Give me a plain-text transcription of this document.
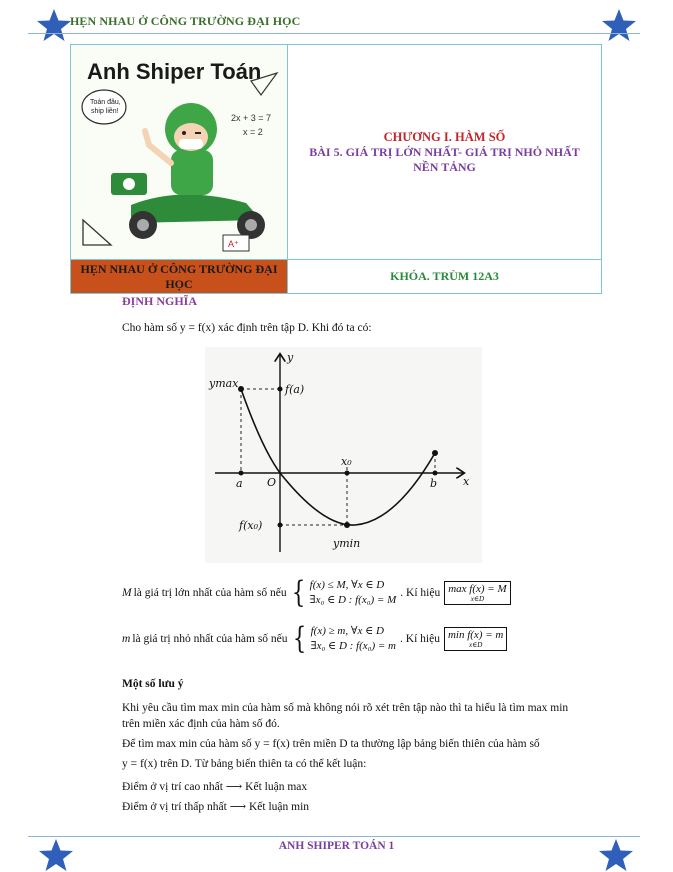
HẸN NHAU Ở CÔNG TRƯỜNG ĐẠI HỌC
Anh Shiper Toán
Toán đâu,
ship liền!
2x + 3 = 7
x = 2
A⁺
CHƯƠNG I. HÀM SỐ
BÀI 5. GIÁ TRỊ LỚN NHẤT- GIÁ TRỊ NHỎ NHẤT
NỀN TẢNG
HẸN NHAU Ở CÔNG TRƯỜNG ĐẠI HỌC
KHÓA. TRÙM 12A3
ĐỊNH NGHĨA
Cho hàm số y = f(x) xác định trên tập D. Khi đó ta có:
y
x
O
a	b
x₀
f(a)
f(x₀)
ymax
ymin
M là giá trị lớn nhất của hàm số nếu { f(x) ≤ M, ∀x ∈ D
∃x₀ ∈ D : f(x₀) = M
. Kí hiệu max f(x) = M
x∈D
m là giá trị nhỏ nhất của hàm số nếu { f(x) ≥ m, ∀x ∈ D
∃x₀ ∈ D : f(x₀) = m
. Kí hiệu min f(x) = m
x∈D
Một số lưu ý
Khi yêu cầu tìm max min của hàm số mà không nói rõ xét trên tập nào thì ta hiểu là tìm max min
trên miền xác định của hàm số đó.
Để tìm max min của hàm số y = f(x) trên miền D ta thường lập bảng biến thiên của hàm số
y = f(x) trên D. Từ bảng biến thiên ta có thể kết luận:
Điểm ở vị trí cao nhất ⟶ Kết luận max
Điểm ở vị trí thấp nhất ⟶ Kết luận min
ANH SHIPER TOÁN 1
